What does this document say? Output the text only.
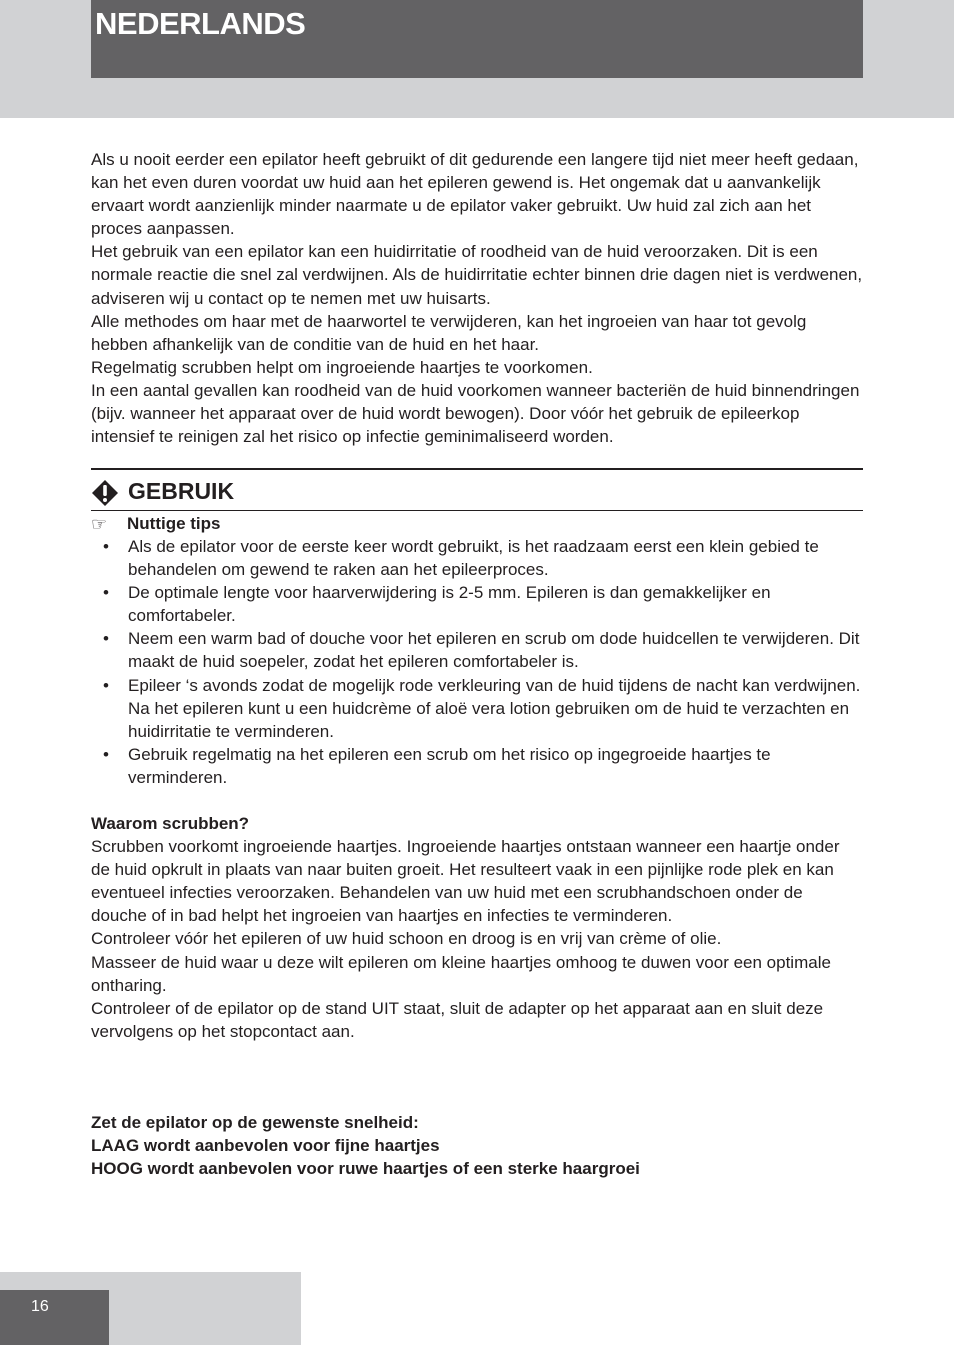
NEDERLANDS

Als u nooit eerder een epilator heeft gebruikt of dit gedurende een langere tijd niet meer heeft gedaan, kan het even duren voordat uw huid aan het epileren gewend is. Het ongemak dat u aanvankelijk ervaart wordt aanzienlijk minder naarmate u de epilator vaker gebruikt. Uw huid zal zich aan het proces aanpassen.

Het gebruik van een epilator kan een huidirritatie of roodheid van de huid veroorzaken. Dit is een normale reactie die snel zal verdwijnen. Als de huidirritatie echter binnen drie dagen niet is verdwenen, adviseren wij u contact op te nemen met uw huisarts.

Alle methodes om haar met de haarwortel te verwijderen, kan het ingroeien van haar tot gevolg hebben afhankelijk van de conditie van de huid en het haar.

Regelmatig scrubben helpt om ingroeiende haartjes te voorkomen.

In een aantal gevallen kan roodheid van de huid voorkomen wanneer bacteriën de huid binnendringen (bijv. wanneer het apparaat over de huid wordt bewogen). Door vóór het gebruik de epileerkop intensief te reinigen zal het risico op infectie geminimaliseerd worden.

GEBRUIK
☞ Nuttige tips
• Als de epilator voor de eerste keer wordt gebruikt, is het raadzaam eerst een klein gebied te behandelen om gewend te raken aan het epileerproces.
• De optimale lengte voor haarverwijdering is 2-5 mm. Epileren is dan gemakkelijker en comfortabeler.
• Neem een warm bad of douche voor het epileren en scrub om dode huidcellen te verwijderen. Dit maakt de huid soepeler, zodat het epileren comfortabeler is.
• Epileer ‘s avonds zodat de mogelijk rode verkleuring van de huid tijdens de nacht kan verdwijnen. Na het epileren kunt u een huidcrème of aloë vera lotion gebruiken om de huid te verzachten en huidirritatie te verminderen.
• Gebruik regelmatig na het epileren een scrub om het risico op ingegroeide haartjes te verminderen.

Waarom scrubben?

Scrubben voorkomt ingroeiende haartjes. Ingroeiende haartjes ontstaan wanneer een haartje onder de huid opkrult in plaats van naar buiten groeit. Het resulteert vaak in een pijnlijke rode plek en kan eventueel infecties veroorzaken. Behandelen van uw huid met een scrubhandschoen onder de douche of in bad helpt het ingroeien van haartjes en infecties te verminderen.

Controleer vóór het epileren of uw huid schoon en droog is en vrij van crème of olie.

Masseer de huid waar u deze wilt epileren om kleine haartjes omhoog te duwen voor een optimale ontharing.

Controleer of de epilator op de stand UIT staat, sluit de adapter op het apparaat aan en sluit deze vervolgens op het stopcontact aan.

Zet de epilator op de gewenste snelheid:

LAAG wordt aanbevolen voor fijne haartjes

HOOG wordt aanbevolen voor ruwe haartjes of een sterke haargroei

16
